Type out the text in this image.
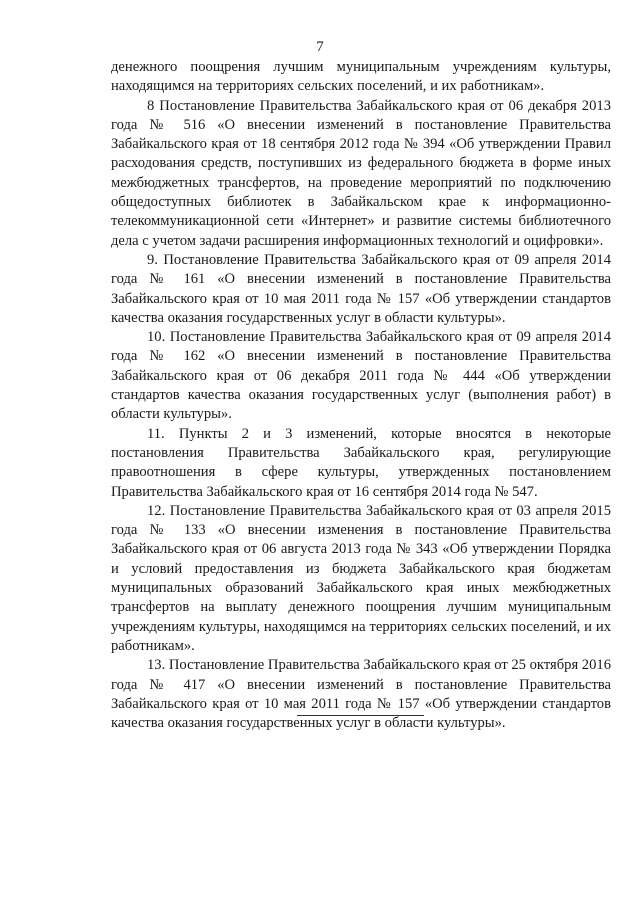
7

денежного поощрения лучшим муниципальным учреждениям культуры, находящимся на территориях сельских поселений, и их работникам».

8 Постановление Правительства Забайкальского края от 06 декабря 2013 года № 516 «О внесении изменений в постановление Правительства Забайкальского края от 18 сентября 2012 года № 394 «Об утверждении Правил расходования средств, поступивших из федерального бюджета в форме иных межбюджетных трансфертов, на проведение мероприятий по подключению общедоступных библиотек в Забайкальском крае к информационно-телекоммуникационной сети «Интернет» и развитие системы библиотечного дела с учетом задачи расширения информационных технологий и оцифровки».

9. Постановление Правительства Забайкальского края от 09 апреля 2014 года № 161 «О внесении изменений в постановление Правительства Забайкальского края от 10 мая 2011 года № 157 «Об утверждении стандартов качества оказания государственных услуг в области культуры».

10. Постановление Правительства Забайкальского края от 09 апреля 2014 года № 162 «О внесении изменений в постановление Правительства Забайкальского края от 06 декабря 2011 года № 444 «Об утверждении стандартов качества оказания государственных услуг (выполнения работ) в области культуры».

11. Пункты 2 и 3 изменений, которые вносятся в некоторые постановления Правительства Забайкальского края, регулирующие правоотношения в сфере культуры, утвержденных постановлением Правительства Забайкальского края от 16 сентября 2014 года № 547.

12. Постановление Правительства Забайкальского края от 03 апреля 2015 года № 133 «О внесении изменения в постановление Правительства Забайкальского края от 06 августа 2013 года № 343 «Об утверждении Порядка и условий предоставления из бюджета Забайкальского края бюджетам муниципальных образований Забайкальского края иных межбюджетных трансфертов на выплату денежного поощрения лучшим муниципальным учреждениям культуры, находящимся на территориях сельских поселений, и их работникам».

13. Постановление Правительства Забайкальского края от 25 октября 2016 года № 417 «О внесении изменений в постановление Правительства Забайкальского края от 10 мая 2011 года № 157 «Об утверждении стандартов качества оказания государственных услуг в области культуры».
